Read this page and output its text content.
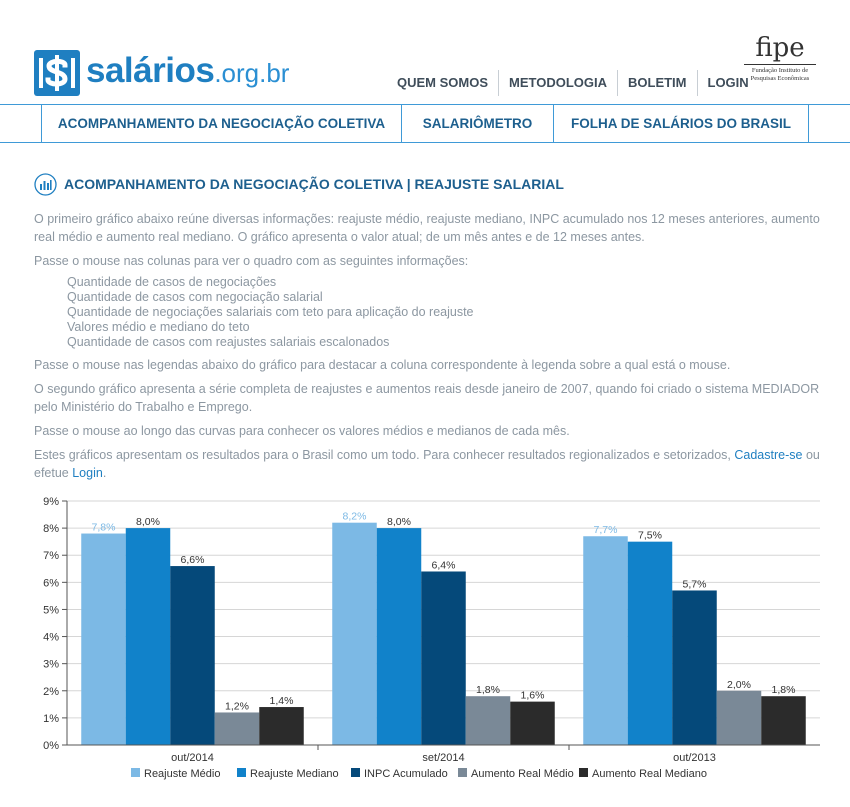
salários.org.br	QUEM SOMOS	METODOLOGIA	BOLETIM	LOGIN
fipe
Fundação Instituto de
Pesquisas Econômicas
ACOMPANHAMENTO DA NEGOCIAÇÃO COLETIVA	SALARIÔMETRO	FOLHA DE SALÁRIOS DO BRASIL
ACOMPANHAMENTO DA NEGOCIAÇÃO COLETIVA | REAJUSTE SALARIAL

O primeiro gráfico abaixo reúne diversas informações: reajuste médio, reajuste mediano, INPC acumulado nos 12 meses anteriores, aumento real médio e aumento real mediano. O gráfico apresenta o valor atual; de um mês antes e de 12 meses antes.

Passe o mouse nas colunas para ver o quadro com as seguintes informações:

Quantidade de casos de negociações
Quantidade de casos com negociação salarial
Quantidade de negociações salariais com teto para aplicação do reajuste
Valores médio e mediano do teto
Quantidade de casos com reajustes salariais escalonados

Passe o mouse nas legendas abaixo do gráfico para destacar a coluna correspondente à legenda sobre a qual está o mouse.

O segundo gráfico apresenta a série completa de reajustes e aumentos reais desde janeiro de 2007, quando foi criado o sistema MEDIADOR pelo Ministério do Trabalho e Emprego.

Passe o mouse ao longo das curvas para conhecer os valores médios e medianos de cada mês.

Estes gráficos apresentam os resultados para o Brasil como um todo. Para conhecer resultados regionalizados e setorizados, Cadastre-se ou efetue Login.

7,8% 8,0%
6,6%
1,2% 1,4%
8,2% 8,0%
6,4%
1,8% 1,6%
7,7% 7,5%
5,7%
2,0% 1,8%
0%
1%
2%
3%
4%
5%
6%
7%
8%
9%
out/2014	set/2014	out/2013
Reajuste Médio	Reajuste Mediano INPC Acumulado Aumento Real Médio Aumento Real Mediano
